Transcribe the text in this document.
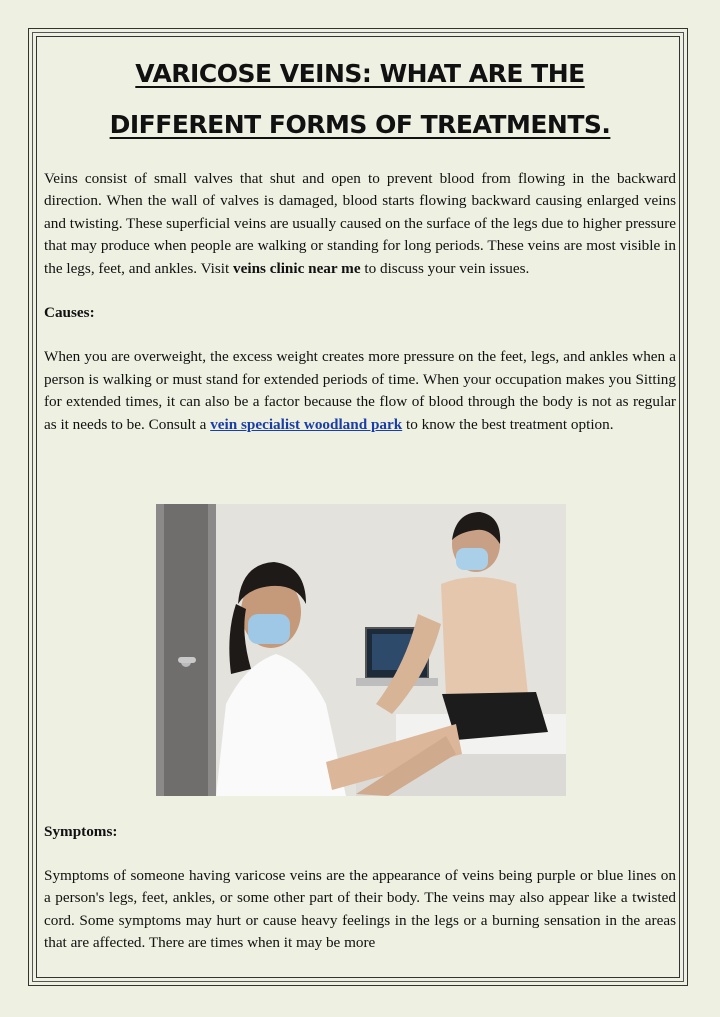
VARICOSE VEINS: WHAT ARE THE
DIFFERENT FORMS OF TREATMENTS.

Veins consist of small valves that shut and open to prevent blood from flowing in the backward direction. When the wall of valves is damaged, blood starts flowing backward causing enlarged veins and twisting. These superficial veins are usually caused on the surface of the legs due to higher pressure that may produce when people are walking or standing for long periods. These veins are most visible in the legs, feet, and ankles. Visit veins clinic near me to discuss your vein issues.

Causes:

When you are overweight, the excess weight creates more pressure on the feet, legs, and ankles when a person is walking or must stand for extended periods of time. When your occupation makes you Sitting for extended times, it can also be a factor because the flow of blood through the body is not as regular as it needs to be. Consult a vein specialist woodland park to know the best treatment option.

Symptoms:

Symptoms of someone having varicose veins are the appearance of veins being purple or blue lines on a person's legs, feet, ankles, or some other part of their body. The veins may also appear like a twisted cord. Some symptoms may hurt or cause heavy feelings in the legs or a burning sensation in the areas that are affected. There are times when it may be more
